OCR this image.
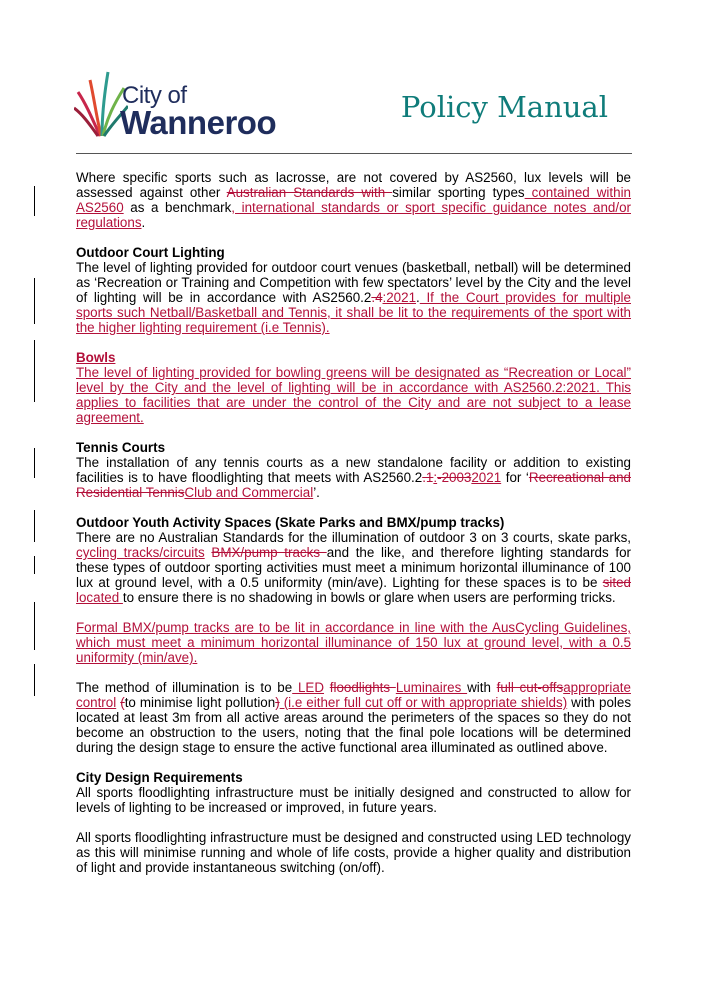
City of
Wanneroo	Policy Manual

Where specific sports such as lacrosse, are not covered by AS2560, lux levels will be assessed against other Australian Standards with similar sporting types contained within AS2560 as a benchmark, international standards or sport specific guidance notes and/or regulations.

Outdoor Court Lighting
The level of lighting provided for outdoor court venues (basketball, netball) will be determined as ‘Recreation or Training and Competition with few spectators’ level by the City and the level of lighting will be in accordance with AS2560.2.4:2021. If the Court provides for multiple sports such Netball/Basketball and Tennis, it shall be lit to the requirements of the sport with the higher lighting requirement (i.e Tennis).

Bowls
The level of lighting provided for bowling greens will be designated as “Recreation or Local” level by the City and the level of lighting will be in accordance with AS2560.2:2021. This applies to facilities that are under the control of the City and are not subject to a lease agreement.

Tennis Courts
The installation of any tennis courts as a new standalone facility or addition to existing facilities is to have floodlighting that meets with AS2560.2.1:-20032021 for ‘Recreational and Residential TennisClub and Commercial’.

Outdoor Youth Activity Spaces (Skate Parks and BMX/pump tracks)
There are no Australian Standards for the illumination of outdoor 3 on 3 courts, skate parks, cycling tracks/circuits BMX/pump tracks and the like, and therefore lighting standards for these types of outdoor sporting activities must meet a minimum horizontal illuminance of 100 lux at ground level, with a 0.5 uniformity (min/ave). Lighting for these spaces is to be sited located to ensure there is no shadowing in bowls or glare when users are performing tricks.

Formal BMX/pump tracks are to be lit in accordance in line with the AusCycling Guidelines, which must meet a minimum horizontal illuminance of 150 lux at ground level, with a 0.5 uniformity (min/ave).

The method of illumination is to be LED floodlights Luminaires with full cut-offsappropriate control (to minimise light pollution) (i.e either full cut off or with appropriate shields) with poles located at least 3m from all active areas around the perimeters of the spaces so they do not become an obstruction to the users, noting that the final pole locations will be determined during the design stage to ensure the active functional area illuminated as outlined above.

City Design Requirements
All sports floodlighting infrastructure must be initially designed and constructed to allow for levels of lighting to be increased or improved, in future years.

All sports floodlighting infrastructure must be designed and constructed using LED technology as this will minimise running and whole of life costs, provide a higher quality and distribution of light and provide instantaneous switching (on/off).
